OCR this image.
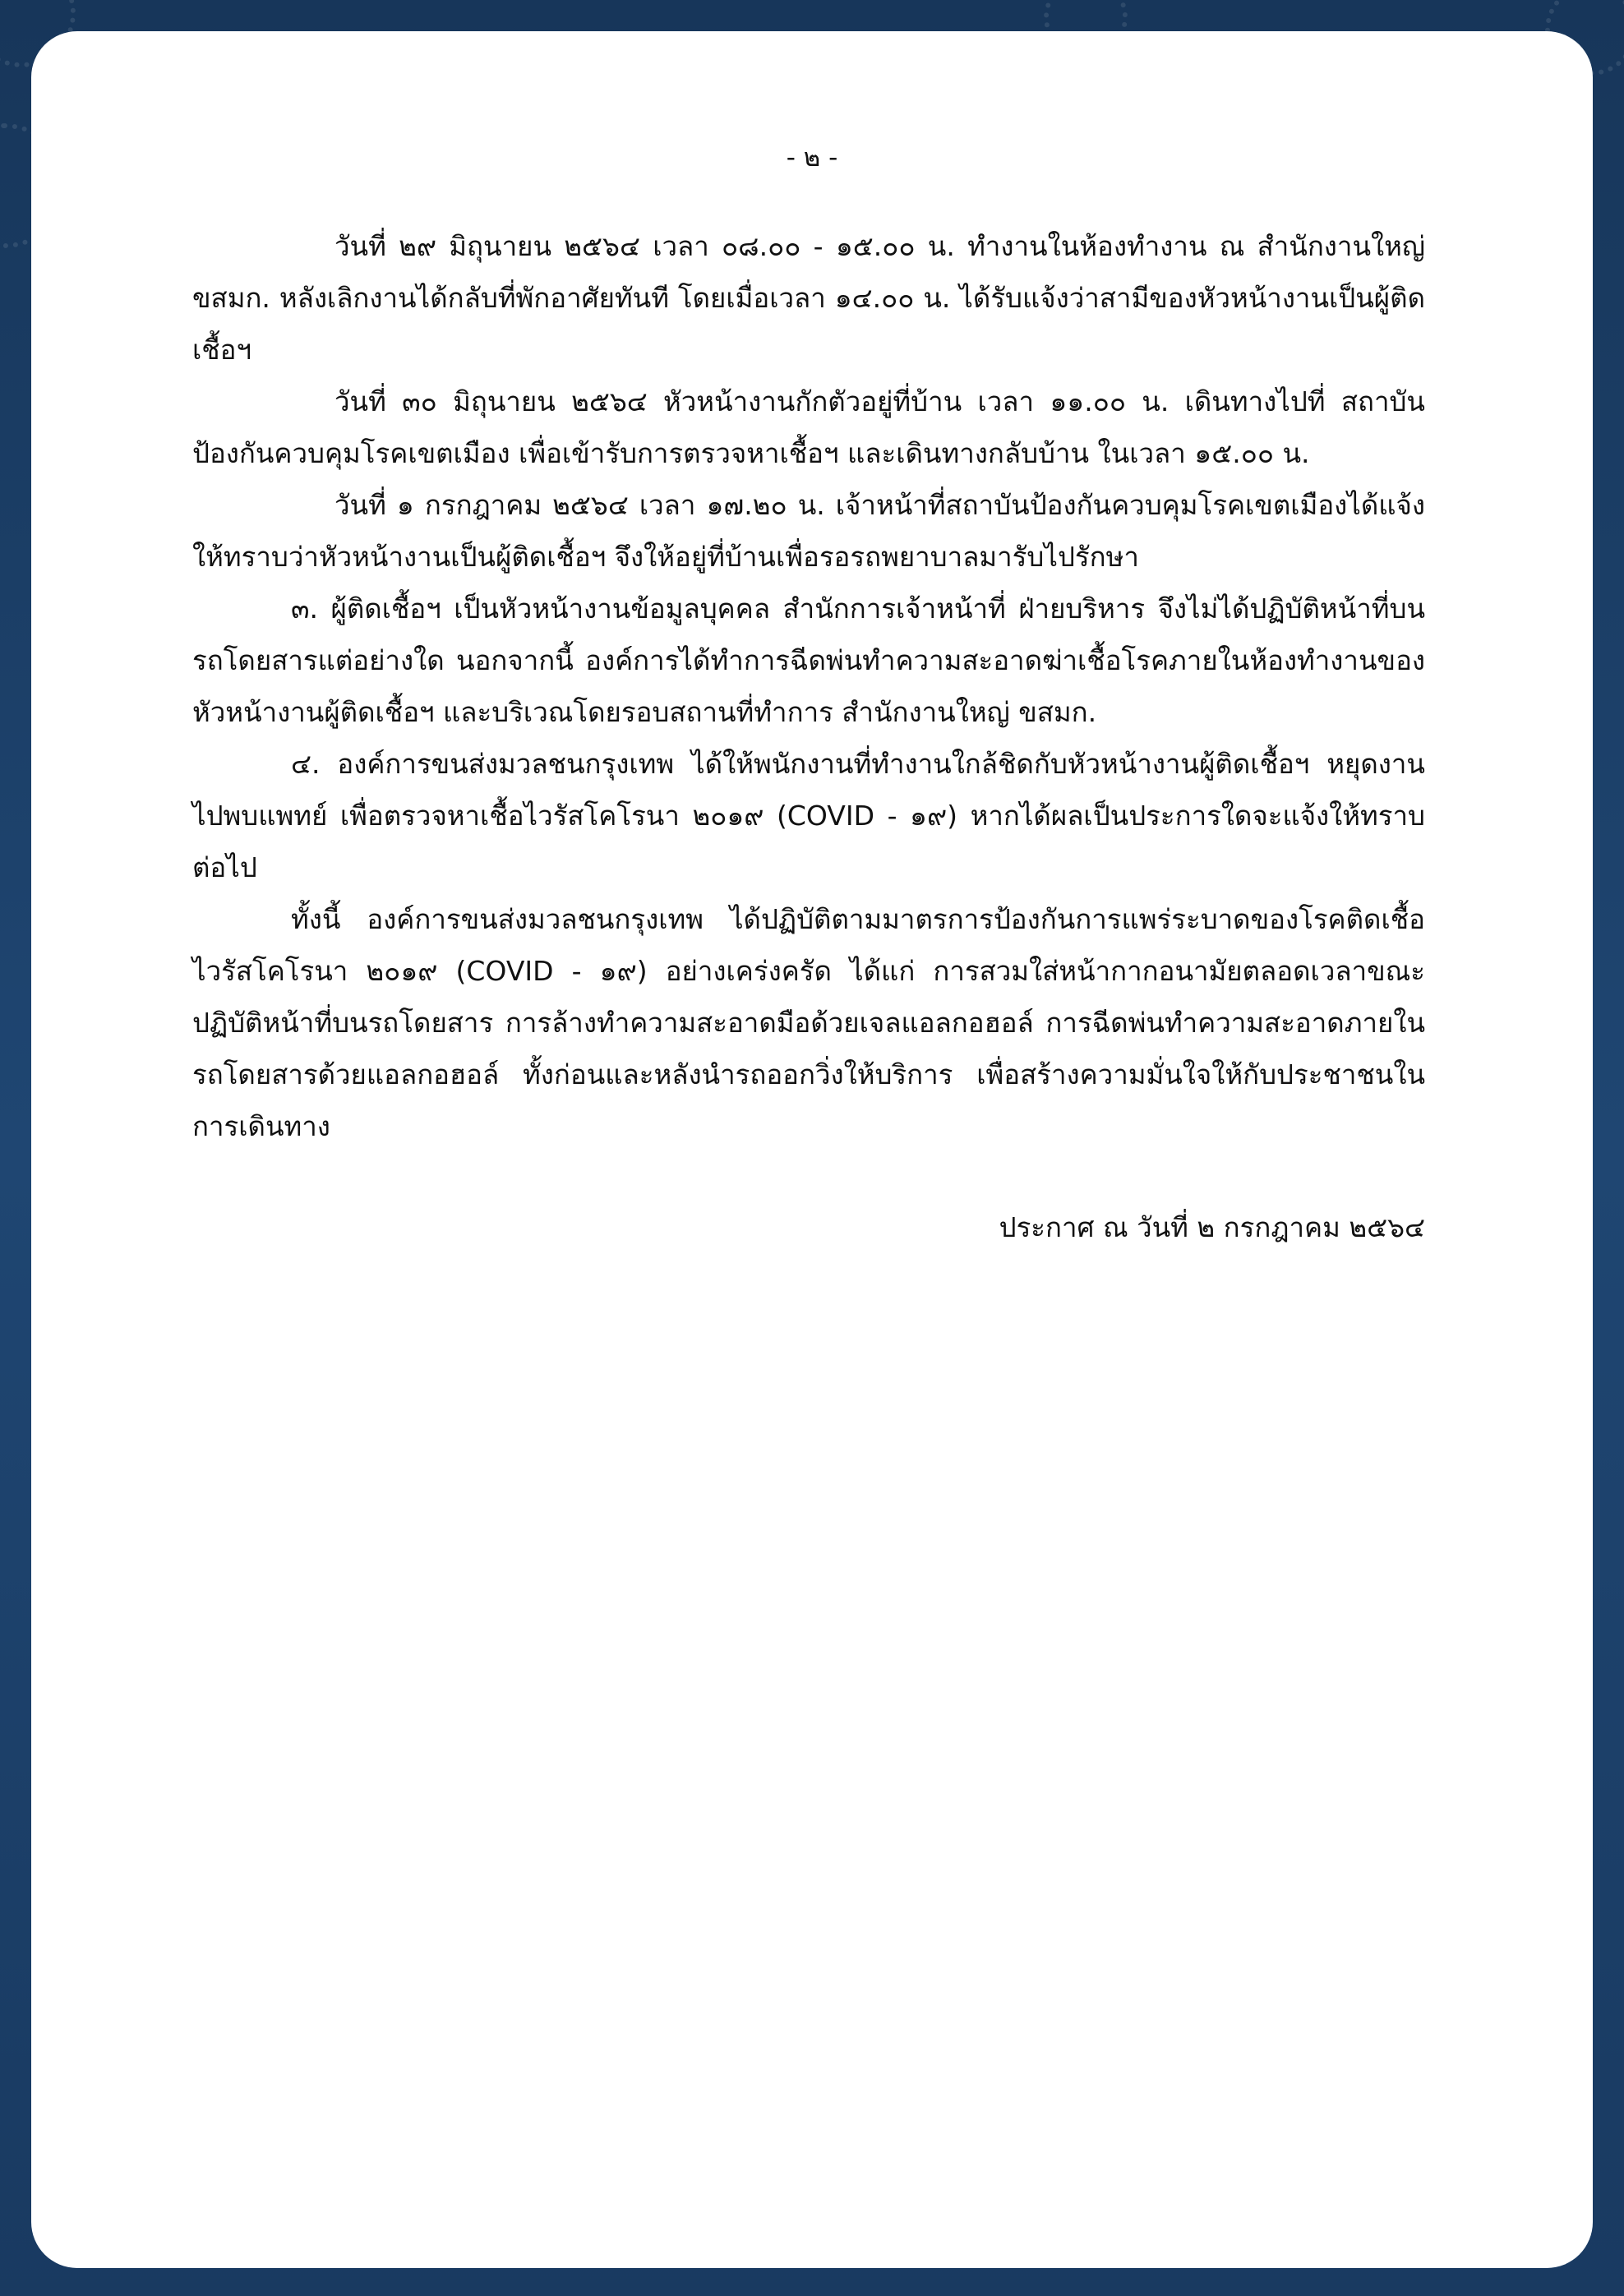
- ๒ -

วันที่ ๒๙ มิถุนายน ๒๕๖๔ เวลา ๐๘.๐๐ - ๑๕.๐๐ น. ทำงานในห้องทำงาน ณ สำนักงานใหญ่ ขสมก. หลังเลิกงานได้กลับที่พักอาศัยทันที โดยเมื่อเวลา ๑๔.๐๐ น. ได้รับแจ้งว่าสามีของหัวหน้างานเป็นผู้ติดเชื้อฯ

วันที่ ๓๐ มิถุนายน ๒๕๖๔ หัวหน้างานกักตัวอยู่ที่บ้าน เวลา ๑๑.๐๐ น. เดินทางไปที่ สถาบันป้องกันควบคุมโรคเขตเมือง เพื่อเข้ารับการตรวจหาเชื้อฯ และเดินทางกลับบ้าน ในเวลา ๑๕.๐๐ น.

วันที่ ๑ กรกฎาคม ๒๕๖๔ เวลา ๑๗.๒๐ น. เจ้าหน้าที่สถาบันป้องกันควบคุมโรคเขตเมืองได้แจ้งให้ทราบว่าหัวหน้างานเป็นผู้ติดเชื้อฯ จึงให้อยู่ที่บ้านเพื่อรอรถพยาบาลมารับไปรักษา

๓. ผู้ติดเชื้อฯ เป็นหัวหน้างานข้อมูลบุคคล สำนักการเจ้าหน้าที่ ฝ่ายบริหาร จึงไม่ได้ปฏิบัติหน้าที่บนรถโดยสารแต่อย่างใด นอกจากนี้ องค์การได้ทำการฉีดพ่นทำความสะอาดฆ่าเชื้อโรคภายในห้องทำงานของหัวหน้างานผู้ติดเชื้อฯ และบริเวณโดยรอบสถานที่ทำการ สำนักงานใหญ่ ขสมก.

๔. องค์การขนส่งมวลชนกรุงเทพ ได้ให้พนักงานที่ทำงานใกล้ชิดกับหัวหน้างานผู้ติดเชื้อฯ หยุดงานไปพบแพทย์ เพื่อตรวจหาเชื้อไวรัสโคโรนา ๒๐๑๙ (COVID - ๑๙) หากได้ผลเป็นประการใดจะแจ้งให้ทราบต่อไป

ทั้งนี้ องค์การขนส่งมวลชนกรุงเทพ ได้ปฏิบัติตามมาตรการป้องกันการแพร่ระบาดของโรคติดเชื้อไวรัสโคโรนา ๒๐๑๙ (COVID - ๑๙) อย่างเคร่งครัด ได้แก่ การสวมใส่หน้ากากอนามัยตลอดเวลาขณะปฏิบัติหน้าที่บนรถโดยสาร การล้างทำความสะอาดมือด้วยเจลแอลกอฮอล์ การฉีดพ่นทำความสะอาดภายในรถโดยสารด้วยแอลกอฮอล์ ทั้งก่อนและหลังนำรถออกวิ่งให้บริการ เพื่อสร้างความมั่นใจให้กับประชาชนในการเดินทาง

ประกาศ ณ วันที่ ๒ กรกฎาคม ๒๕๖๔
